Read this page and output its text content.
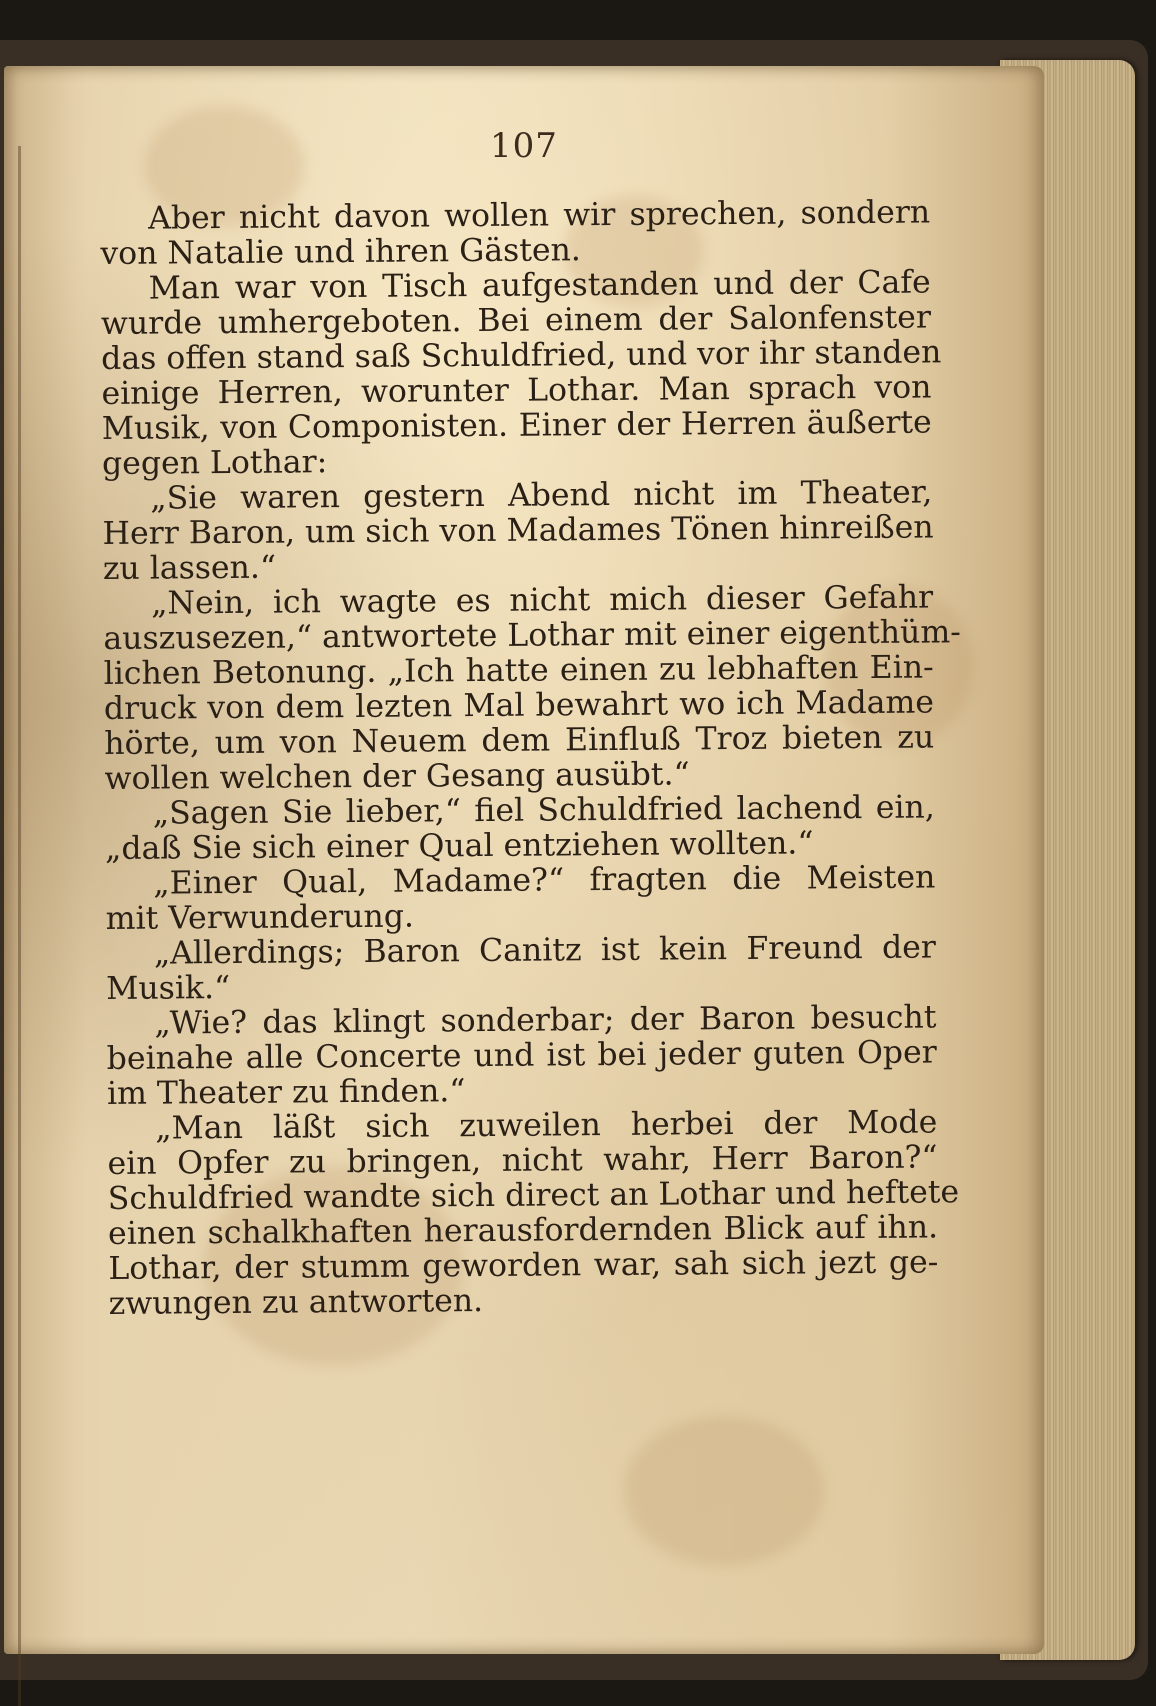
107
Aber nicht davon wollen wir sprechen, sondern
von Natalie und ihren Gästen.
Man war von Tisch aufgestanden und der Cafe
wurde umhergeboten. Bei einem der Salonfenster
das offen stand saß Schuldfried, und vor ihr standen
einige Herren, worunter Lothar. Man sprach von
Musik, von Componisten. Einer der Herren äußerte
gegen Lothar:
„Sie waren gestern Abend nicht im Theater,
Herr Baron, um sich von Madames Tönen hinreißen
zu lassen.“
„Nein, ich wagte es nicht mich dieser Gefahr
auszusezen,“ antwortete Lothar mit einer eigenthüm-
lichen Betonung. „Ich hatte einen zu lebhaften Ein-
druck von dem lezten Mal bewahrt wo ich Madame
hörte, um von Neuem dem Einfluß Troz bieten zu
wollen welchen der Gesang ausübt.“
„Sagen Sie lieber,“ fiel Schuldfried lachend ein,
„daß Sie sich einer Qual entziehen wollten.“
„Einer Qual, Madame?“ fragten die Meisten
mit Verwunderung.
„Allerdings; Baron Canitz ist kein Freund der
Musik.“
„Wie? das klingt sonderbar; der Baron besucht
beinahe alle Concerte und ist bei jeder guten Oper
im Theater zu finden.“
„Man läßt sich zuweilen herbei der Mode
ein Opfer zu bringen, nicht wahr, Herr Baron?“
Schuldfried wandte sich direct an Lothar und heftete
einen schalkhaften herausfordernden Blick auf ihn.
Lothar, der stumm geworden war, sah sich jezt ge-
zwungen zu antworten.
